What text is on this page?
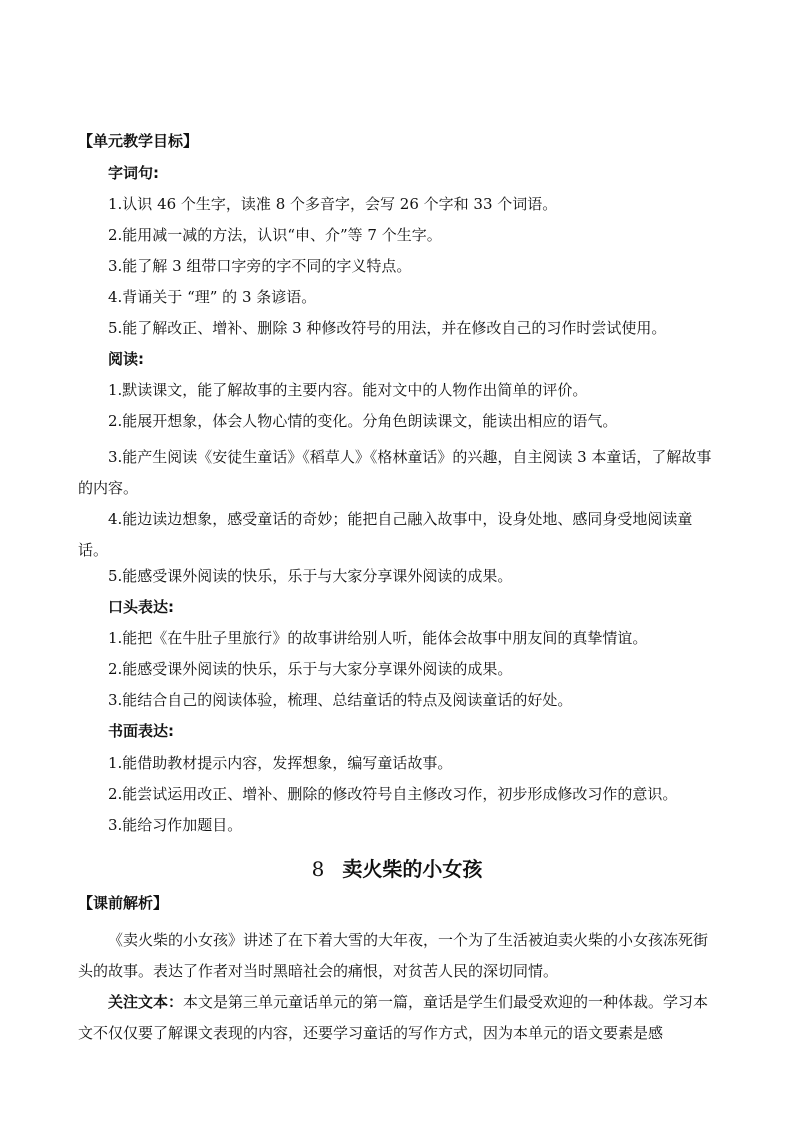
【单元教学目标】
字词句:
1.认识 46 个生字，读准 8 个多音字，会写 26 个字和 33 个词语。
2.能用减一减的方法，认识“申、介”等 7 个生字。
3.能了解 3 组带口字旁的字不同的字义特点。
4.背诵关于 “理” 的 3 条谚语。
5.能了解改正、增补、删除 3 种修改符号的用法，并在修改自己的习作时尝试使用。
阅读:
1.默读课文，能了解故事的主要内容。能对文中的人物作出简单的评价。
2.能展开想象，体会人物心情的变化。分角色朗读课文，能读出相应的语气。
3.能产生阅读《安徒生童话》《稻草人》《格林童话》的兴趣，自主阅读 3 本童话，了解故事的内容。
4.能边读边想象，感受童话的奇妙；能把自己融入故事中，设身处地、感同身受地阅读童话。
5.能感受课外阅读的快乐，乐于与大家分享课外阅读的成果。
口头表达:
1.能把《在牛肚子里旅行》的故事讲给别人听，能体会故事中朋友间的真挚情谊。
2.能感受课外阅读的快乐，乐于与大家分享课外阅读的成果。
3.能结合自己的阅读体验，梳理、总结童话的特点及阅读童话的好处。
书面表达:
1.能借助教材提示内容，发挥想象，编写童话故事。
2.能尝试运用改正、增补、删除的修改符号自主修改习作，初步形成修改习作的意识。
3.能给习作加题目。
8 卖火柴的小女孩
【课前解析】
《卖火柴的小女孩》讲述了在下着大雪的大年夜，一个为了生活被迫卖火柴的小女孩冻死街头的故事。表达了作者对当时黑暗社会的痛恨，对贫苦人民的深切同情。
关注文本：本文是第三单元童话单元的第一篇，童话是学生们最受欢迎的一种体裁。学习本文不仅仅要了解课文表现的内容，还要学习童话的写作方式，因为本单元的语文要素是感
